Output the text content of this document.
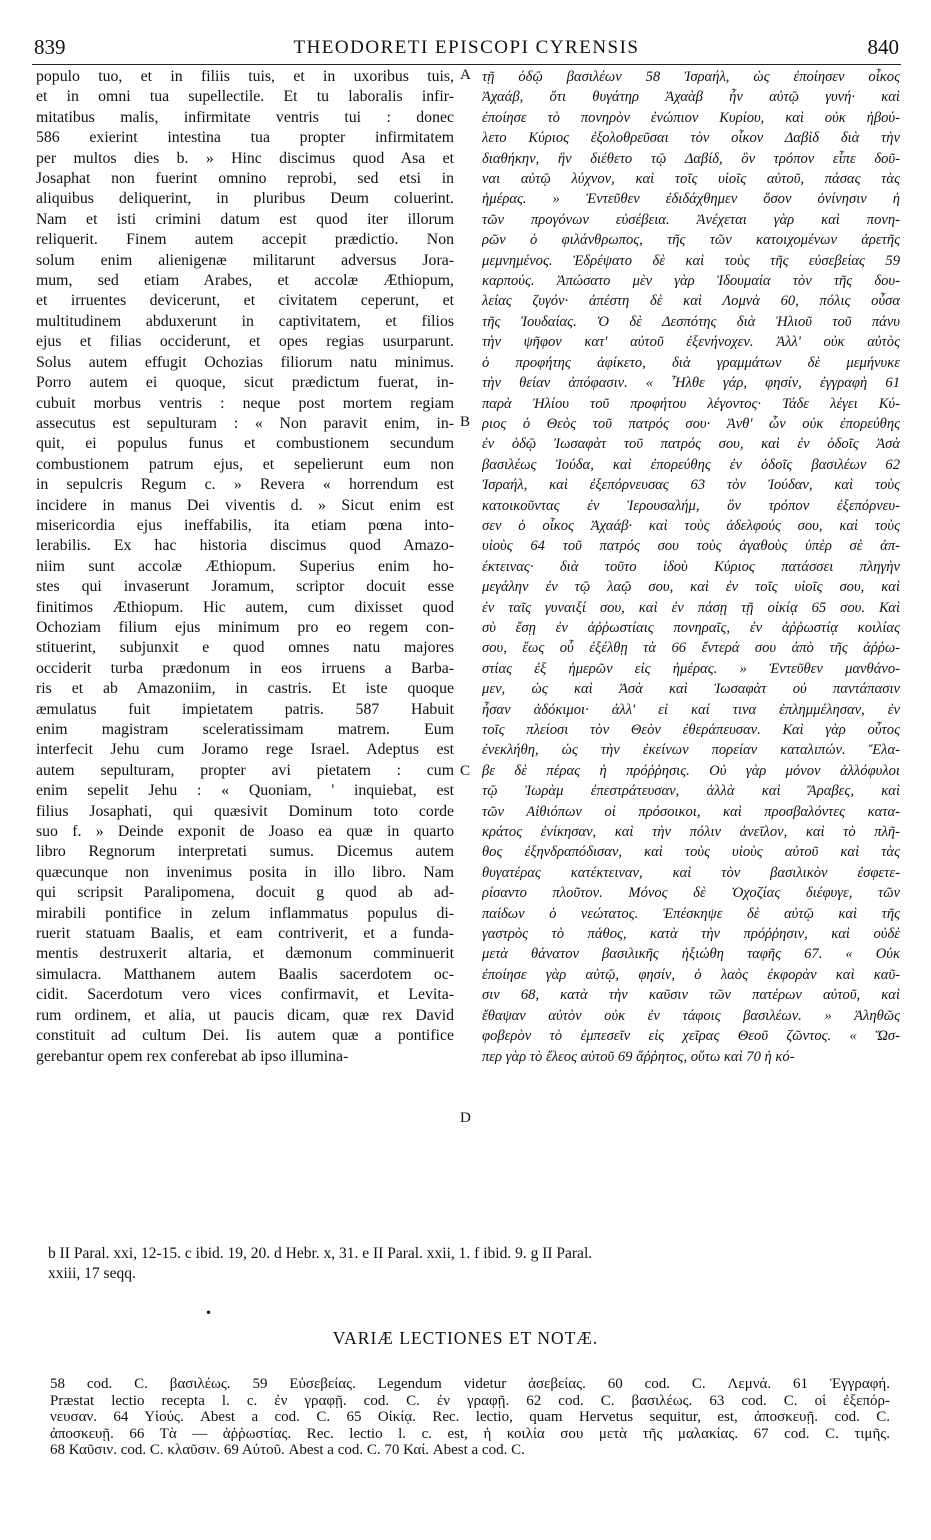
839	THEODORETI EPISCOPI CYRENSIS	840
populo tuo, et in filiis tuis, et in uxoribus tuis,
et in omni tua supellectile. Et tu laboralis infir-
mitatibus malis, infirmitate ventris tui : donec
586 exierint intestina tua propter infirmitatem
per multos dies b. » Hinc discimus quod Asa et
Josaphat non fuerint omnino reprobi, sed etsi in
aliquibus deliquerint, in pluribus Deum coluerint.
Nam et isti crimini datum est quod iter illorum
reliquerit. Finem autem accepit prædictio. Non
solum enim alienigenæ militarunt adversus Jora-
mum, sed etiam Arabes, et accolæ Æthiopum,
et irruentes devicerunt, et civitatem ceperunt, et
multitudinem abduxerunt in captivitatem, et filios
ejus et filias occiderunt, et opes regias usurparunt.
Solus autem effugit Ochozias filiorum natu minimus.
Porro autem ei quoque, sicut prædictum fuerat, in-
cubuit morbus ventris : neque post mortem regiam
assecutus est sepulturam : « Non paravit enim, in-
quit, ei populus funus et combustionem secundum
combustionem patrum ejus, et sepelierunt eum non
in sepulcris Regum c. » Revera « horrendum est
incidere in manus Dei viventis d. » Sicut enim est
misericordia ejus ineffabilis, ita etiam pœna into-
lerabilis. Ex hac historia discimus quod Amazo-
niim sunt accolæ Æthiopum. Superius enim ho-
stes qui invaserunt Joramum, scriptor docuit esse
finitimos Æthiopum. Hic autem, cum dixisset quod
Ochoziam filium ejus minimum pro eo regem con-
stituerint, subjunxit e quod omnes natu majores
occiderit turba prædonum in eos irruens a Barba-
ris et ab Amazoniim, in castris. Et iste quoque
æmulatus fuit impietatem patris. 587 Habuit
enim magistram sceleratissimam matrem. Eum
interfecit Jehu cum Joramo rege Israel. Adeptus est
autem sepulturam, propter avi pietatem : cum
enim sepelit Jehu : « Quoniam, ' inquiebat, est
filius Josaphati, qui quæsivit Dominum toto corde
suo f. » Deinde exponit de Joaso ea quæ in quarto
libro Regnorum interpretati sumus. Dicemus autem
quæcunque non invenimus posita in illo libro. Nam
qui scripsit Paralipomena, docuit g quod ab ad-
mirabili pontifice in zelum inflammatus populus di-
ruerit statuam Baalis, et eam contriverit, et a funda-
mentis destruxerit altaria, et dæmonum comminuerit
simulacra. Matthanem autem Baalis sacerdotem oc-
cidit. Sacerdotum vero vices confirmavit, et Levita-
rum ordinem, et alia, ut paucis dicam, quæ rex David
constituit ad cultum Dei. Iis autem quæ a pontifice
gerebantur opem rex conferebat ab ipso illumina-
τῇ ὁδῷ βασιλέων 58 Ἰσραήλ, ὡς ἐποίησεν οἶκος
Ἀχαάβ, ὅτι θυγάτηρ Ἀχαὰβ ἦν αὐτῷ γυνή· καὶ
ἐποίησε τὸ πονηρὸν ἐνώπιον Κυρίου, καὶ οὐκ ἠβού-
λετο Κύριος ἐξολοθρεῦσαι τὸν οἶκον Δαβὶδ διὰ τὴν
διαθήκην, ἣν διέθετο τῷ Δαβίδ, ὃν τρόπον εἶπε δοῦ-
ναι αὐτῷ λύχνον, καὶ τοῖς υἱοῖς αὐτοῦ, πάσας τὰς
ἡμέρας. » Ἐντεῦθεν ἐδιδάχθημεν ὅσον ὀνίνησιν ἡ
τῶν προγόνων εὐσέβεια. Ἀνέχεται γὰρ καὶ πονη-
ρῶν ὁ φιλάνθρωπος, τῆς τῶν κατοιχομένων ἀρετῆς
μεμνημένος. Ἐδρέψατο δὲ καὶ τοὺς τῆς εὐσεβείας 59
καρπούς. Ἀπώσατο μὲν γὰρ Ἰδουμαία τὸν τῆς δου-
λείας ζυγόν· ἀπέστη δὲ καὶ Λομνὰ 60, πόλις οὖσα
τῆς Ἰουδαίας. Ὁ δὲ Δεσπότης διὰ Ἠλιοῦ τοῦ πάνυ
τὴν ψῆφον κατ' αὐτοῦ ἐξενήνοχεν. Ἀλλ' οὐκ αὐτὸς
ὁ προφήτης ἀφίκετο, διὰ γραμμάτων δὲ μεμήνυκε
τὴν θείαν ἀπόφασιν. « Ἦλθε γάρ, φησίν, ἐγγραφὴ 61
παρὰ Ἠλίου τοῦ προφήτου λέγοντος· Τάδε λέγει Κύ-
ριος ὁ Θεὸς τοῦ πατρός σου· Ἀνθ' ὧν οὐκ ἐπορεύθης
ἐν ὁδῷ Ἰωσαφὰτ τοῦ πατρός σου, καὶ ἐν ὁδοῖς Ἀσὰ
βασιλέως Ἰούδα, καὶ ἐπορεύθης ἐν ὁδοῖς βασιλέων 62
Ἰσραήλ, καὶ ἐξεπόρνευσας 63 τὸν Ἰούδαν, καὶ τοὺς
κατοικοῦντας ἐν Ἱερουσαλήμ, ὃν τρόπον ἐξεπόρνευ-
σεν ὁ οἶκος Ἀχαάβ· καὶ τοὺς ἀδελφούς σου, καὶ τοὺς
υἱοὺς 64 τοῦ πατρός σου τοὺς ἀγαθοὺς ὑπὲρ σὲ ἀπ-
έκτεινας· διὰ τοῦτο ἰδοὺ Κύριος πατάσσει πληγὴν
μεγάλην ἐν τῷ λαῷ σου, καὶ ἐν τοῖς υἱοῖς σου, καὶ
ἐν ταῖς γυναιξί σου, καὶ ἐν πάσῃ τῇ οἰκίᾳ 65 σου. Καὶ
σὺ ἔσῃ ἐν ἀῤῥωστίαις πονηραῖς, ἐν ἀῤῥωστίᾳ κοιλίας
σου, ἕως οὗ ἐξέλθῃ τὰ 66 ἔντερά σου ἀπὸ τῆς ἀῤῥω-
στίας ἐξ ἡμερῶν εἰς ἡμέρας. » Ἐντεῦθεν μανθάνο-
μεν, ὡς καὶ Ἀσὰ καὶ Ἰωσαφὰτ οὐ παντάπασιν
ἦσαν ἀδόκιμοι· ἀλλ' εἰ καί τινα ἐπλημμέλησαν, ἐν
τοῖς πλείοσι τὸν Θεὸν ἐθεράπευσαν. Καὶ γὰρ οὗτος
ἐνεκλήθη, ὡς τὴν ἐκείνων πορείαν καταλιπών. Ἔλα-
βε δὲ πέρας ἡ πρόῤῥησις. Οὐ γὰρ μόνον ἀλλόφυλοι
τῷ Ἰωρὰμ ἐπεστράτευσαν, ἀλλὰ καὶ Ἄραβες, καὶ
τῶν Αἰθιόπων οἱ πρόσοικοι, καὶ προσβαλόντες κατα-
κράτος ἐνίκησαν, καὶ τὴν πόλιν ἀνεῖλον, καὶ τὸ πλῆ-
θος ἐξηνδραπόδισαν, καὶ τοὺς υἱοὺς αὐτοῦ καὶ τὰς
θυγατέρας κατέκτειναν, καὶ τὸν βασιλικὸν ἐσφετε-
ρίσαντο πλοῦτον. Μόνος δὲ Ὀχοζίας διέφυγε, τῶν
παίδων ὁ νεώτατος. Ἐπέσκηψε δὲ αὐτῷ καὶ τῆς
γαστρὸς τὸ πάθος, κατὰ τὴν πρόῤῥησιν, καὶ οὐδὲ
μετὰ θάνατον βασιλικῆς ἠξιώθη ταφῆς 67. « Οὐκ
ἐποίησε γὰρ αὐτῷ, φησίν, ὁ λαὸς ἐκφορὰν καὶ καῦ-
σιν 68, κατὰ τὴν καῦσιν τῶν πατέρων αὐτοῦ, καὶ
ἔθαψαν αὐτὸν οὐκ ἐν τάφοις βασιλέων. » Ἀληθῶς
φοβερὸν τὸ ἐμπεσεῖν εἰς χεῖρας Θεοῦ ζῶντος. « Ὥσ-
περ γὰρ τὸ ἔλεος αὐτοῦ 69 ἄῤῥητος, οὕτω καὶ 70 ἡ κό-
A
B
C
D
b II Paral. xxi, 12-15. c ibid. 19, 20. d Hebr. x, 31. e II Paral. xxii, 1. f ibid. 9. g II Paral.
xxiii, 17 seqq.
•
VARIÆ LECTIONES ET NOTÆ.
58 cod. C. βασιλέως. 59 Εὐσεβείας. Legendum videtur ἀσεβείας. 60 cod. C. Λεμνά. 61 Ἐγγραφή.
Præstat lectio recepta l. c. ἐν γραφῇ. cod. C. ἐν γραφῇ. 62 cod. C. βασιλέως. 63 cod. C. οἱ ἐξεπόρ-
νευσαν. 64 Υἱούς. Abest a cod. C. 65 Οἰκίᾳ. Rec. lectio, quam Hervetus sequitur, est, ἀποσκευῇ. cod. C.
ἀποσκευῇ. 66 Τὰ — ἀῤῥωστίας. Rec. lectio l. c. est, ἡ κοιλία σου μετὰ τῆς μαλακίας. 67 cod. C. τιμῆς.
68 Καῦσιν. cod. C. κλαῦσιν. 69 Αὐτοῦ. Abest a cod. C. 70 Καί. Abest a cod. C.
